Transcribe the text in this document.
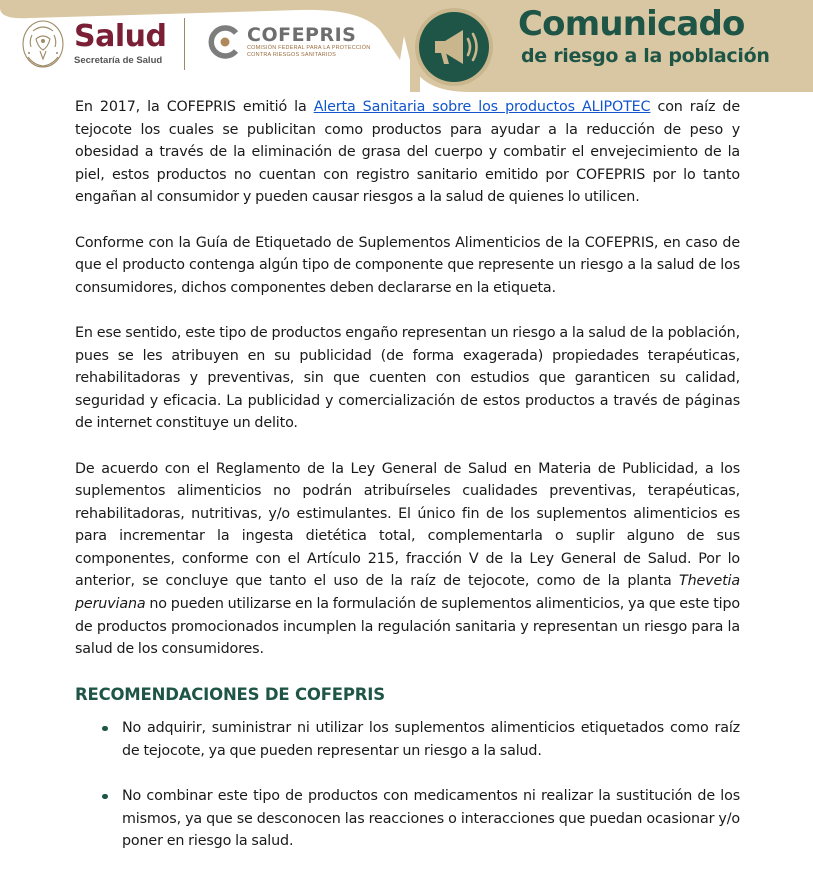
Salud
Secretaría de Salud
COFEPRIS
COMISIÓN FEDERAL PARA LA PROTECCIÓN
CONTRA RIESGOS SANITARIOS
Comunicado
de riesgo a la población

En 2017, la COFEPRIS emitió la Alerta Sanitaria sobre los productos ALIPOTEC con raíz de tejocote los cuales se publicitan como productos para ayudar a la reducción de peso y obesidad a través de la eliminación de grasa del cuerpo y combatir el envejecimiento de la piel, estos productos no cuentan con registro sanitario emitido por COFEPRIS por lo tanto engañan al consumidor y pueden causar riesgos a la salud de quienes lo utilicen.

Conforme con la Guía de Etiquetado de Suplementos Alimenticios de la COFEPRIS, en caso de que el producto contenga algún tipo de componente que represente un riesgo a la salud de los consumidores, dichos componentes deben declararse en la etiqueta.

En ese sentido, este tipo de productos engaño representan un riesgo a la salud de la población, pues se les atribuyen en su publicidad (de forma exagerada) propiedades terapéuticas, rehabilitadoras y preventivas, sin que cuenten con estudios que garanticen su calidad, seguridad y eficacia. La publicidad y comercialización de estos productos a través de páginas de internet constituye un delito.

De acuerdo con el Reglamento de la Ley General de Salud en Materia de Publicidad, a los suplementos alimenticios no podrán atribuírseles cualidades preventivas, terapéuticas, rehabilitadoras, nutritivas, y/o estimulantes. El único fin de los suplementos alimenticios es para incrementar la ingesta dietética total, complementarla o suplir alguno de sus componentes, conforme con el Artículo 215, fracción V de la Ley General de Salud. Por lo anterior, se concluye que tanto el uso de la raíz de tejocote, como de la planta Thevetia peruviana no pueden utilizarse en la formulación de suplementos alimenticios, ya que este tipo de productos promocionados incumplen la regulación sanitaria y representan un riesgo para la salud de los consumidores.

RECOMENDACIONES DE COFEPRIS
No adquirir, suministrar ni utilizar los suplementos alimenticios etiquetados como raíz de tejocote, ya que pueden representar un riesgo a la salud.
No combinar este tipo de productos con medicamentos ni realizar la sustitución de los mismos, ya que se desconocen las reacciones o interacciones que puedan ocasionar y/o poner en riesgo la salud.
